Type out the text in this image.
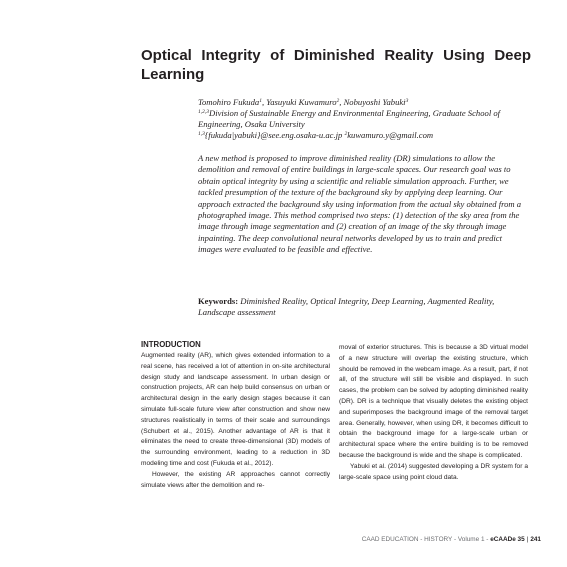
Optical Integrity of Diminished Reality Using Deep Learning
Tomohiro Fukuda$^1$, Yasuyuki Kuwamuro$^2$, Nobuyoshi Yabuki$^3$
$^{1,2,3}$Division of Sustainable Energy and Environmental Engineering, Graduate School of Engineering, Osaka University
$^{1,3}${fukuda|yabuki}@see.eng.osaka-u.ac.jp $^2$kuwamuro.y@gmail.com

A new method is proposed to improve diminished reality (DR) simulations to allow the demolition and removal of entire buildings in large-scale spaces. Our research goal was to obtain optical integrity by using a scientific and reliable simulation approach. Further, we tackled presumption of the texture of the background sky by applying deep learning. Our approach extracted the background sky using information from the actual sky obtained from a photographed image. This method comprised two steps: (1) detection of the sky area from the image through image segmentation and (2) creation of an image of the sky through image inpainting. The deep convolutional neural networks developed by us to train and predict images were evaluated to be feasible and effective.

Keywords: Diminished Reality, Optical Integrity, Deep Learning, Augmented Reality, Landscape assessment
INTRODUCTION

Augmented reality (AR), which gives extended information to a real scene, has received a lot of attention in on-site architectural design study and landscape assessment. In urban design or construction projects, AR can help build consensus on urban or architectural design in the early design stages because it can simulate full-scale future view after construction and show new structures realistically in terms of their scale and surroundings (Schubert et al., 2015). Another advantage of AR is that it eliminates the need to create three-dimensional (3D) models of the surrounding environment, leading to a reduction in 3D modeling time and cost (Fukuda et al., 2012).

However, the existing AR approaches cannot correctly simulate views after the demolition and re-

moval of exterior structures. This is because a 3D virtual model of a new structure will overlap the existing structure, which should be removed in the webcam image. As a result, part, if not all, of the structure will still be visible and displayed. In such cases, the problem can be solved by adopting diminished reality (DR). DR is a technique that visually deletes the existing object and superimposes the background image of the removal target area. Generally, however, when using DR, it becomes difficult to obtain the background image for a large-scale urban or architectural space where the entire building is to be removed because the background is wide and the shape is complicated.

Yabuki et al. (2014) suggested developing a DR system for a large-scale space using point cloud data.

CAAD EDUCATION - HISTORY - Volume 1 - eCAADe 35 | 241
